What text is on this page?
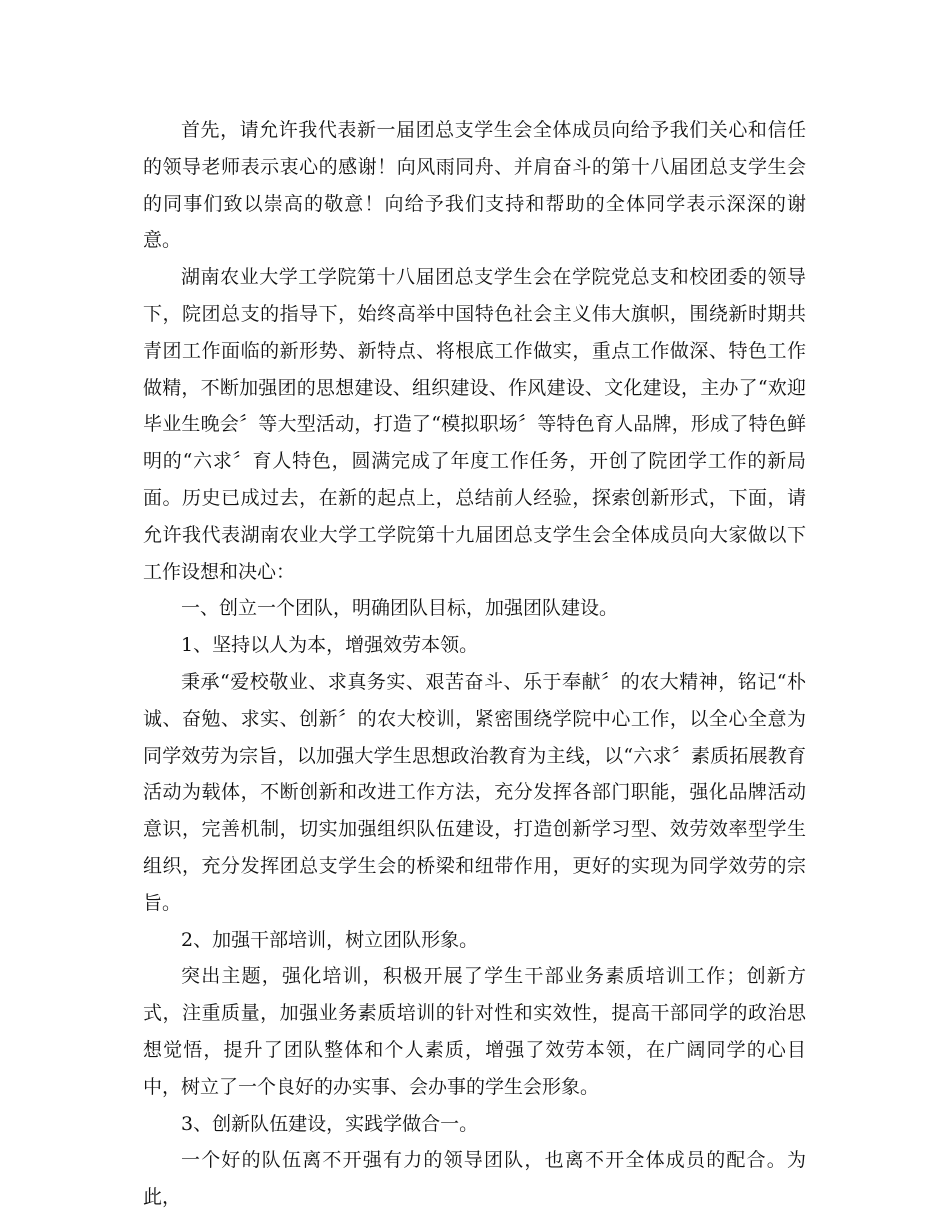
首先，请允许我代表新一届团总支学生会全体成员向给予我们关心和信任的领导老师表示衷心的感谢！向风雨同舟、并肩奋斗的第十八届团总支学生会的同事们致以崇高的敬意！向给予我们支持和帮助的全体同学表示深深的谢意。

湖南农业大学工学院第十八届团总支学生会在学院党总支和校团委的领导下，院团总支的指导下，始终高举中国特色社会主义伟大旗帜，围绕新时期共青团工作面临的新形势、新特点、将根底工作做实，重点工作做深、特色工作做精，不断加强团的思想建设、组织建设、作风建设、文化建设，主办了“欢迎毕业生晚会〞等大型活动，打造了“模拟职场〞等特色育人品牌，形成了特色鲜明的“六求〞育人特色，圆满完成了年度工作任务，开创了院团学工作的新局面。历史已成过去，在新的起点上，总结前人经验，探索创新形式，下面，请允许我代表湖南农业大学工学院第十九届团总支学生会全体成员向大家做以下工作设想和决心：

一、创立一个团队，明确团队目标，加强团队建设。

1、坚持以人为本，增强效劳本领。

秉承“爱校敬业、求真务实、艰苦奋斗、乐于奉献〞的农大精神，铭记“朴诚、奋勉、求实、创新〞的农大校训，紧密围绕学院中心工作，以全心全意为同学效劳为宗旨，以加强大学生思想政治教育为主线，以“六求〞素质拓展教育活动为载体，不断创新和改进工作方法，充分发挥各部门职能，强化品牌活动意识，完善机制，切实加强组织队伍建设，打造创新学习型、效劳效率型学生组织，充分发挥团总支学生会的桥梁和纽带作用，更好的实现为同学效劳的宗旨。

2、加强干部培训，树立团队形象。

突出主题，强化培训，积极开展了学生干部业务素质培训工作；创新方式，注重质量，加强业务素质培训的针对性和实效性，提高干部同学的政治思想觉悟，提升了团队整体和个人素质，增强了效劳本领，在广阔同学的心目中，树立了一个良好的办实事、会办事的学生会形象。

3、创新队伍建设，实践学做合一。

一个好的队伍离不开强有力的领导团队，也离不开全体成员的配合。为此，
